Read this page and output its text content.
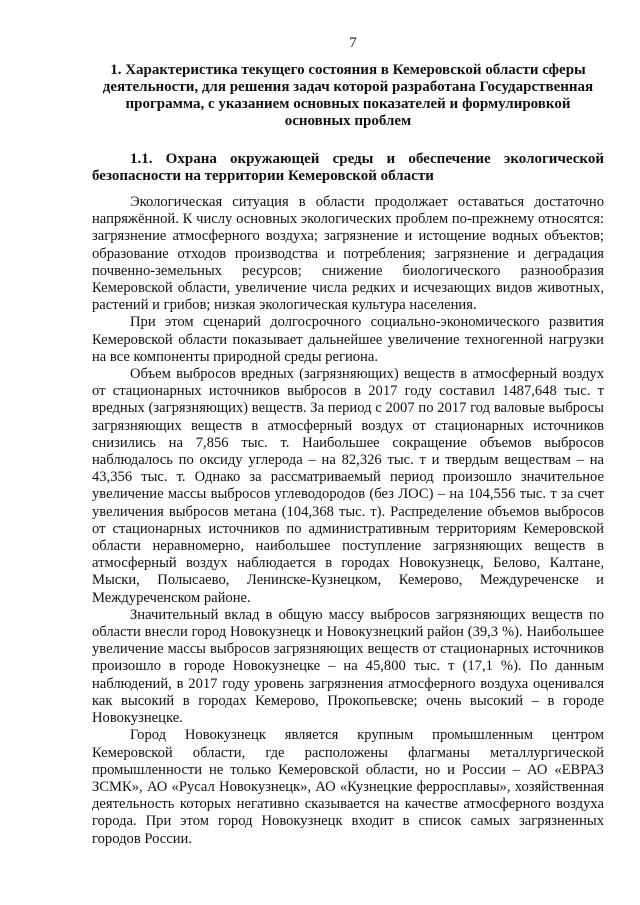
7
1. Характеристика текущего состояния в Кемеровской области сферы деятельности, для решения задач которой разработана Государственная программа, с указанием основных показателей и формулировкой основных проблем
1.1. Охрана окружающей среды и обеспечение экологической безопасности на территории Кемеровской области

Экологическая ситуация в области продолжает оставаться достаточно напряжённой. К числу основных экологических проблем по-прежнему относятся: загрязнение атмосферного воздуха; загрязнение и истощение водных объектов; образование отходов производства и потребления; загрязнение и деградация почвенно-земельных ресурсов; снижение биологического разнообразия Кемеровской области, увеличение числа редких и исчезающих видов животных, растений и грибов; низкая экологическая культура населения.

При этом сценарий долгосрочного социально-экономического развития Кемеровской области показывает дальнейшее увеличение техногенной нагрузки на все компоненты природной среды региона.

Объем выбросов вредных (загрязняющих) веществ в атмосферный воздух от стационарных источников выбросов в 2017 году составил 1487,648 тыс. т вредных (загрязняющих) веществ. За период с 2007 по 2017 год валовые выбросы загрязняющих веществ в атмосферный воздух от стационарных источников снизились на 7,856 тыс. т. Наибольшее сокращение объемов выбросов наблюдалось по оксиду углерода – на 82,326 тыс. т и твердым веществам – на 43,356 тыс. т. Однако за рассматриваемый период произошло значительное увеличение массы выбросов углеводородов (без ЛОС) – на 104,556 тыс. т за счет увеличения выбросов метана (104,368 тыс. т). Распределение объемов выбросов от стационарных источников по административным территориям Кемеровской области неравномерно, наибольшее поступление загрязняющих веществ в атмосферный воздух наблюдается в городах Новокузнецк, Белово, Калтане, Мыски, Полысаево, Ленинске-Кузнецком, Кемерово, Междуреченске и Междуреченском районе.

Значительный вклад в общую массу выбросов загрязняющих веществ по области внесли город Новокузнецк и Новокузнецкий район (39,3 %). Наибольшее увеличение массы выбросов загрязняющих веществ от стационарных источников произошло в городе Новокузнецке – на 45,800 тыс. т (17,1 %). По данным наблюдений, в 2017 году уровень загрязнения атмосферного воздуха оценивался как высокий в городах Кемерово, Прокопьевске; очень высокий – в городе Новокузнецке.

Город Новокузнецк является крупным промышленным центром Кемеровской области, где расположены флагманы металлургической промышленности не только Кемеровской области, но и России – АО «ЕВРАЗ ЗСМК», АО «Русал Новокузнецк», АО «Кузнецкие ферросплавы», хозяйственная деятельность которых негативно сказывается на качестве атмосферного воздуха города. При этом город Новокузнецк входит в список самых загрязненных городов России.
